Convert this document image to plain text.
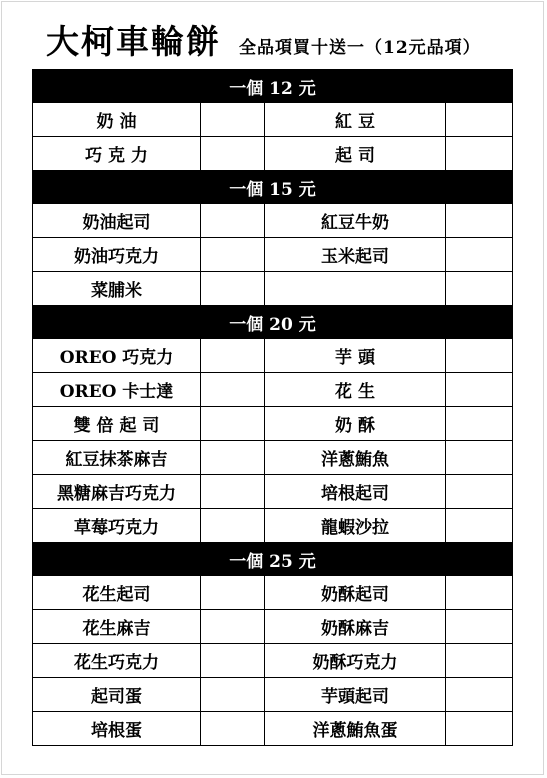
大柯車輪餅 全品項買十送一（12元品項）
一個 12 元			
奶 油		紅 豆	
巧 克 力		起 司	
一個 15 元			
奶油起司		紅豆牛奶	
奶油巧克力		玉米起司	
菜脯米			
一個 20 元			
OREO 巧克力		芋 頭	
OREO 卡士達		花 生	
雙 倍 起 司		奶 酥	
紅豆抹茶麻吉		洋蔥鮪魚	
黑糖麻吉巧克力		培根起司	
草莓巧克力		龍蝦沙拉	
一個 25 元			
花生起司		奶酥起司	
花生麻吉		奶酥麻吉	
花生巧克力		奶酥巧克力	
起司蛋		芋頭起司	
培根蛋		洋蔥鮪魚蛋	
